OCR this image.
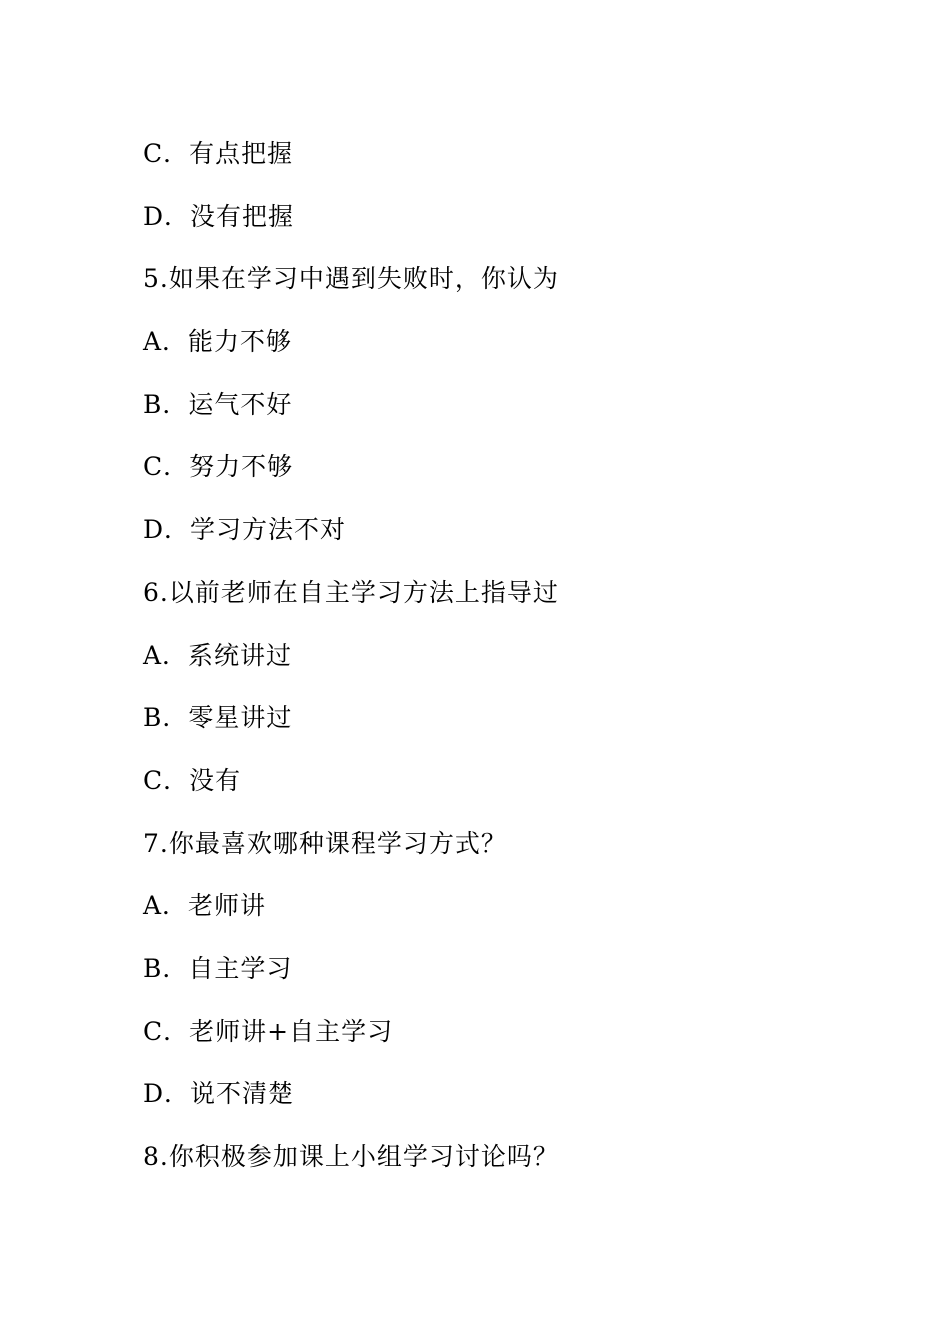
C．有点把握
D．没有把握
5.如果在学习中遇到失败时，你认为
A．能力不够
B．运气不好
C．努力不够
D．学习方法不对
6.以前老师在自主学习方法上指导过
A．系统讲过
B．零星讲过
C．没有
7.你最喜欢哪种课程学习方式？
A．老师讲
B．自主学习
C．老师讲+自主学习
D．说不清楚
8.你积极参加课上小组学习讨论吗？
